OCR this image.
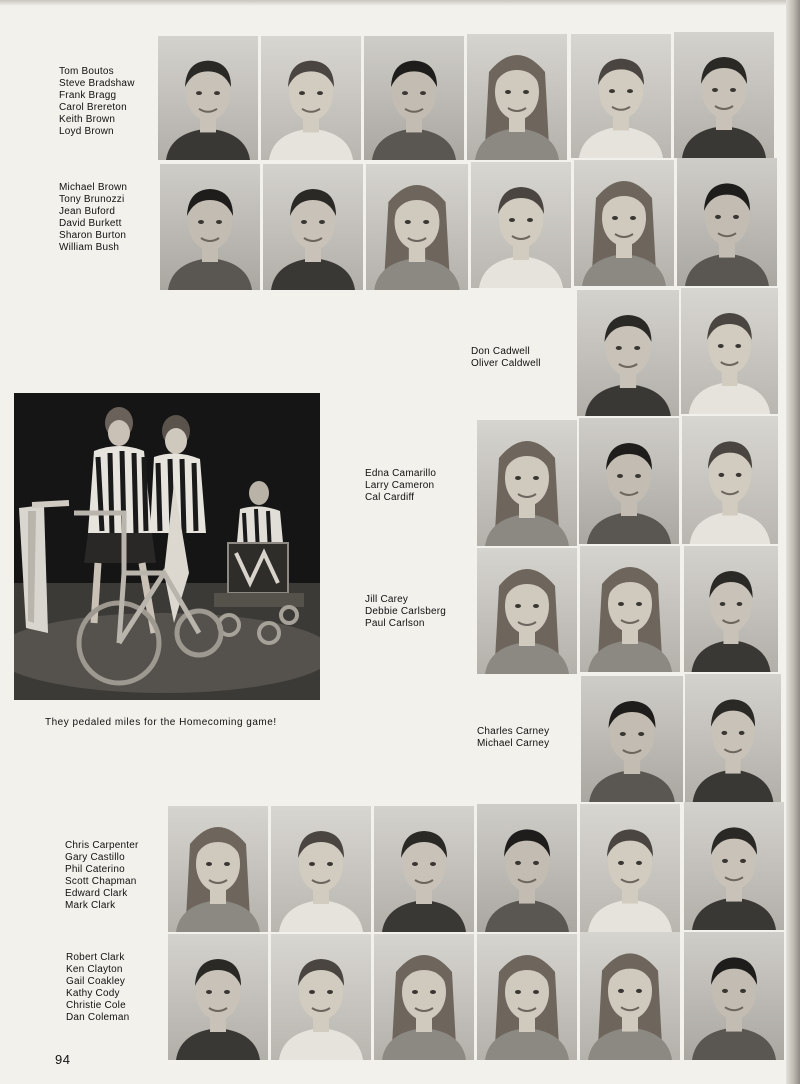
Tom Boutos
Steve Bradshaw
Frank Bragg
Carol Brereton
Keith Brown
Loyd Brown
Michael Brown
Tony Brunozzi
Jean Buford
David Burkett
Sharon Burton
William Bush
Don Cadwell
Oliver Caldwell
Edna Camarillo
Larry Cameron
Cal Cardiff
Jill Carey
Debbie Carlsberg
Paul Carlson
Charles Carney
Michael Carney
Chris Carpenter
Gary Castillo
Phil Caterino
Scott Chapman
Edward Clark
Mark Clark
Robert Clark
Ken Clayton
Gail Coakley
Kathy Cody
Christie Cole
Dan Coleman
They pedaled miles for the Homecoming game!
94
